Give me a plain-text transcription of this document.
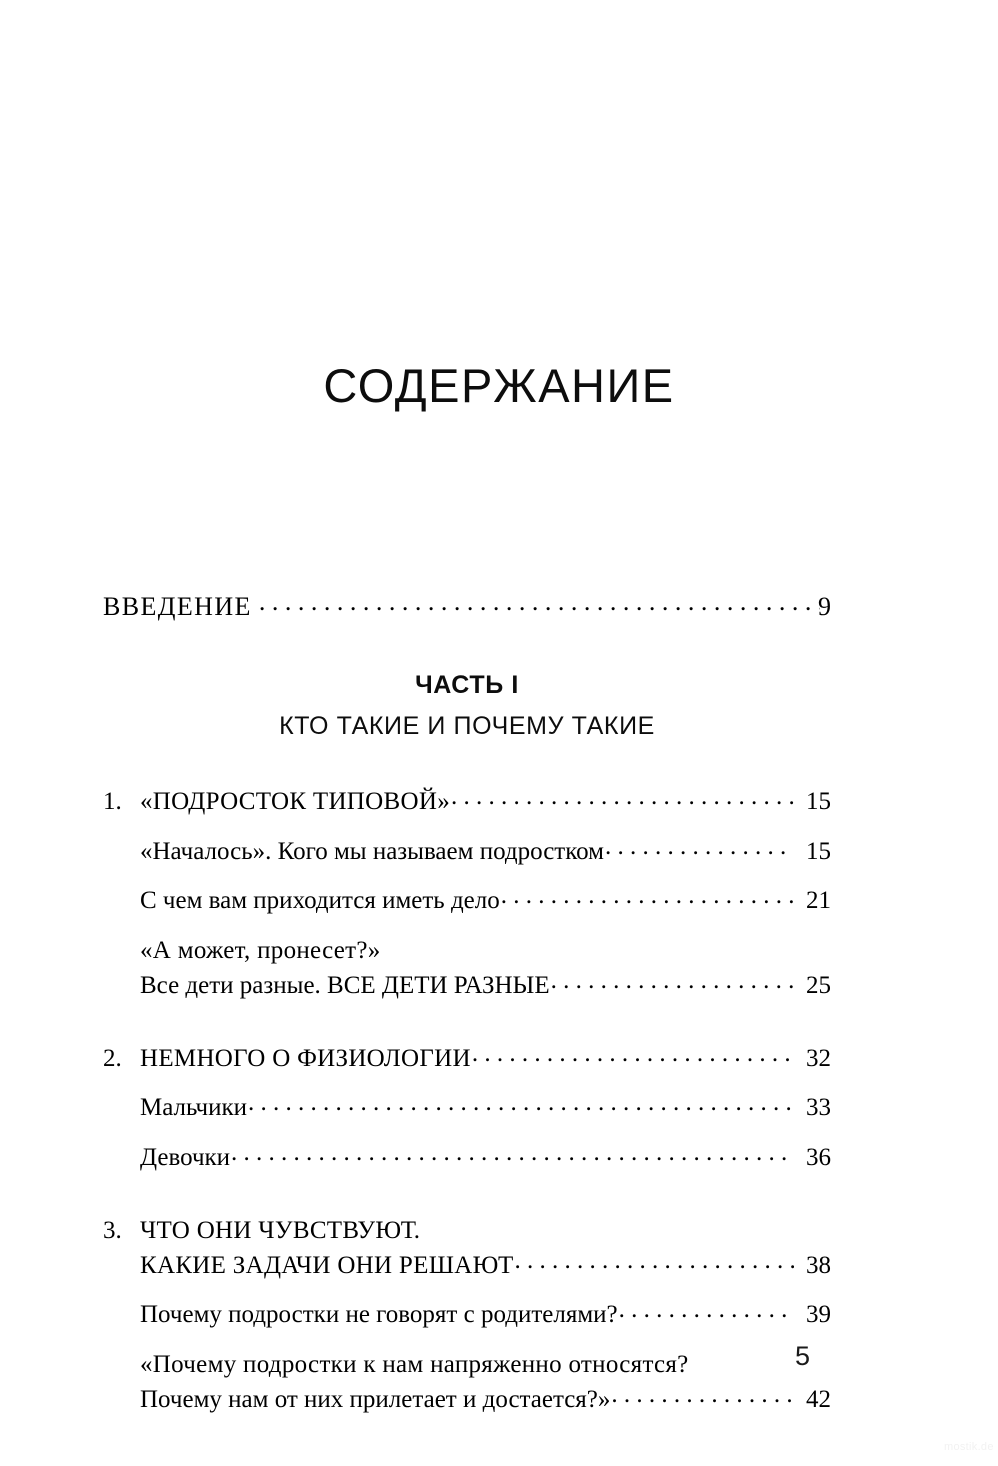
СОДЕРЖАНИЕ
ВВЕДЕНИЕ . . .	9
ЧАСТЬ I
КТО ТАКИЕ И ПОЧЕМУ ТАКИЕ
1. «ПОДРОСТОК ТИПОВОЙ» . . .	15
«Началось». Кого мы называем подростком . . .	15
С чем вам приходится иметь дело . . .	21
«А может, пронесет?»
Все дети разные. ВСЕ ДЕТИ РАЗНЫЕ . . .	25
2. НЕМНОГО О ФИЗИОЛОГИИ . . .	32
Мальчики . . .	33
Девочки . . .	36
3. ЧТО ОНИ ЧУВСТВУЮТ.
КАКИЕ ЗАДАЧИ ОНИ РЕШАЮТ . . .	38
Почему подростки не говорят с родителями? . . .	39
«Почему подростки к нам напряженно относятся?
Почему нам от них прилетает и достается?» . . .	42
5
mostik.de
